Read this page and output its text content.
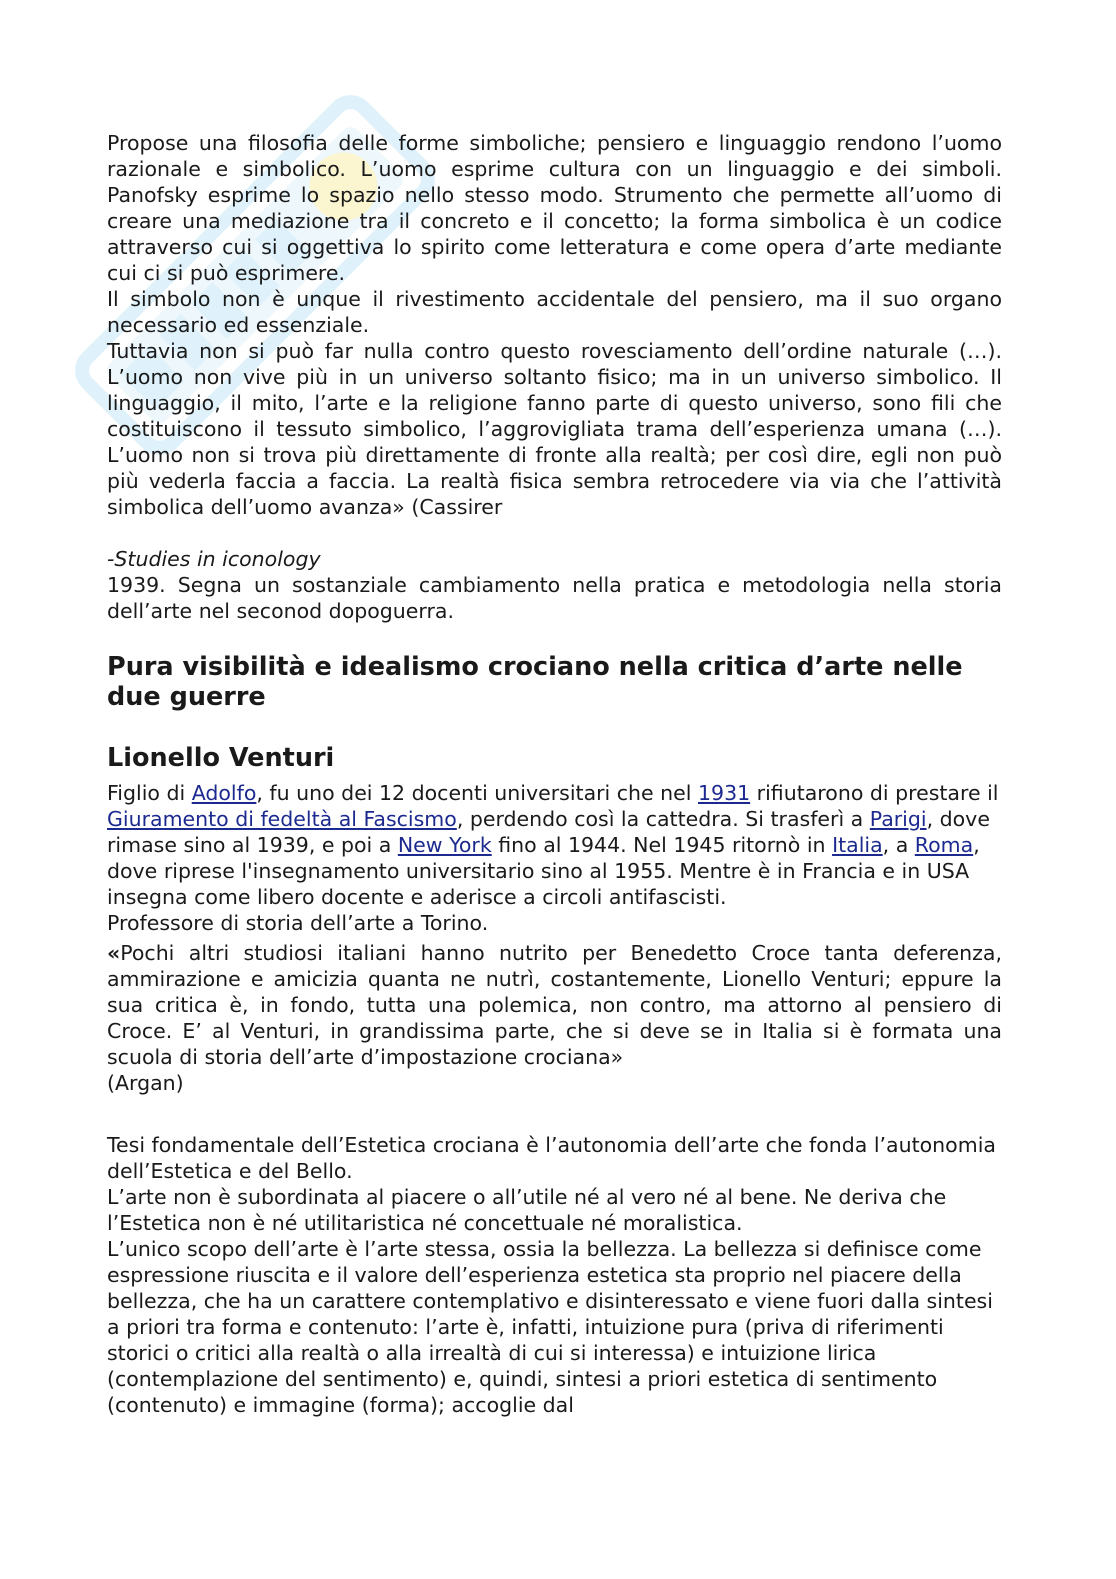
Propose una filosofia delle forme simboliche; pensiero e linguaggio rendono l’uomo razionale e simbolico. L’uomo esprime cultura con un linguaggio e dei simboli. Panofsky esprime lo spazio nello stesso modo. Strumento che permette all’uomo di creare una mediazione tra il concreto e il concetto; la forma simbolica è un codice attraverso cui si oggettiva lo spirito come letteratura e come opera d’arte mediante cui ci si può esprimere.

Il simbolo non è unque il rivestimento accidentale del pensiero, ma il suo organo necessario ed essenziale.

Tuttavia non si può far nulla contro questo rovesciamento dell’ordine naturale (…). L’uomo non vive più in un universo soltanto fisico; ma in un universo simbolico. Il linguaggio, il mito, l’arte e la religione fanno parte di questo universo, sono fili che costituiscono il tessuto simbolico, l’aggrovigliata trama dell’esperienza umana (…). L’uomo non si trova più direttamente di fronte alla realtà; per così dire, egli non può più vederla faccia a faccia. La realtà fisica sembra retrocedere via via che l’attività simbolica dell’uomo avanza» (Cassirer

-Studies in iconology

1939. Segna un sostanziale cambiamento nella pratica e metodologia nella storia dell’arte nel seconod dopoguerra.

Pura visibilità e idealismo crociano nella critica d’arte nelle due guerre
Lionello Venturi

Figlio di Adolfo, fu uno dei 12 docenti universitari che nel 1931 rifiutarono di prestare il Giuramento di fedeltà al Fascismo, perdendo così la cattedra. Si trasferì a Parigi, dove rimase sino al 1939, e poi a New York fino al 1944. Nel 1945 ritornò in Italia, a Roma, dove riprese l'insegnamento universitario sino al 1955. Mentre è in Francia e in USA insegna come libero docente e aderisce a circoli antifascisti.

Professore di storia dell’arte a Torino.

«Pochi altri studiosi italiani hanno nutrito per Benedetto Croce tanta deferenza, ammirazione e amicizia quanta ne nutrì, costantemente, Lionello Venturi; eppure la sua critica è, in fondo, tutta una polemica, non contro, ma attorno al pensiero di Croce. E’ al Venturi, in grandissima parte, che si deve se in Italia si è formata una scuola di storia dell’arte d’impostazione crociana»

(Argan)

Tesi fondamentale dell’Estetica crociana è l’autonomia dell’arte che fonda l’autonomia dell’Estetica e del Bello.

L’arte non è subordinata al piacere o all’utile né al vero né al bene. Ne deriva che l’Estetica non è né utilitaristica né concettuale né moralistica.

L’unico scopo dell’arte è l’arte stessa, ossia la bellezza. La bellezza si definisce come espressione riuscita e il valore dell’esperienza estetica sta proprio nel piacere della bellezza, che ha un carattere contemplativo e disinteressato e viene fuori dalla sintesi a priori tra forma e contenuto: l’arte è, infatti, intuizione pura (priva di riferimenti storici o critici alla realtà o alla irrealtà di cui si interessa) e intuizione lirica (contemplazione del sentimento) e, quindi, sintesi a priori estetica di sentimento (contenuto) e immagine (forma); accoglie dal
